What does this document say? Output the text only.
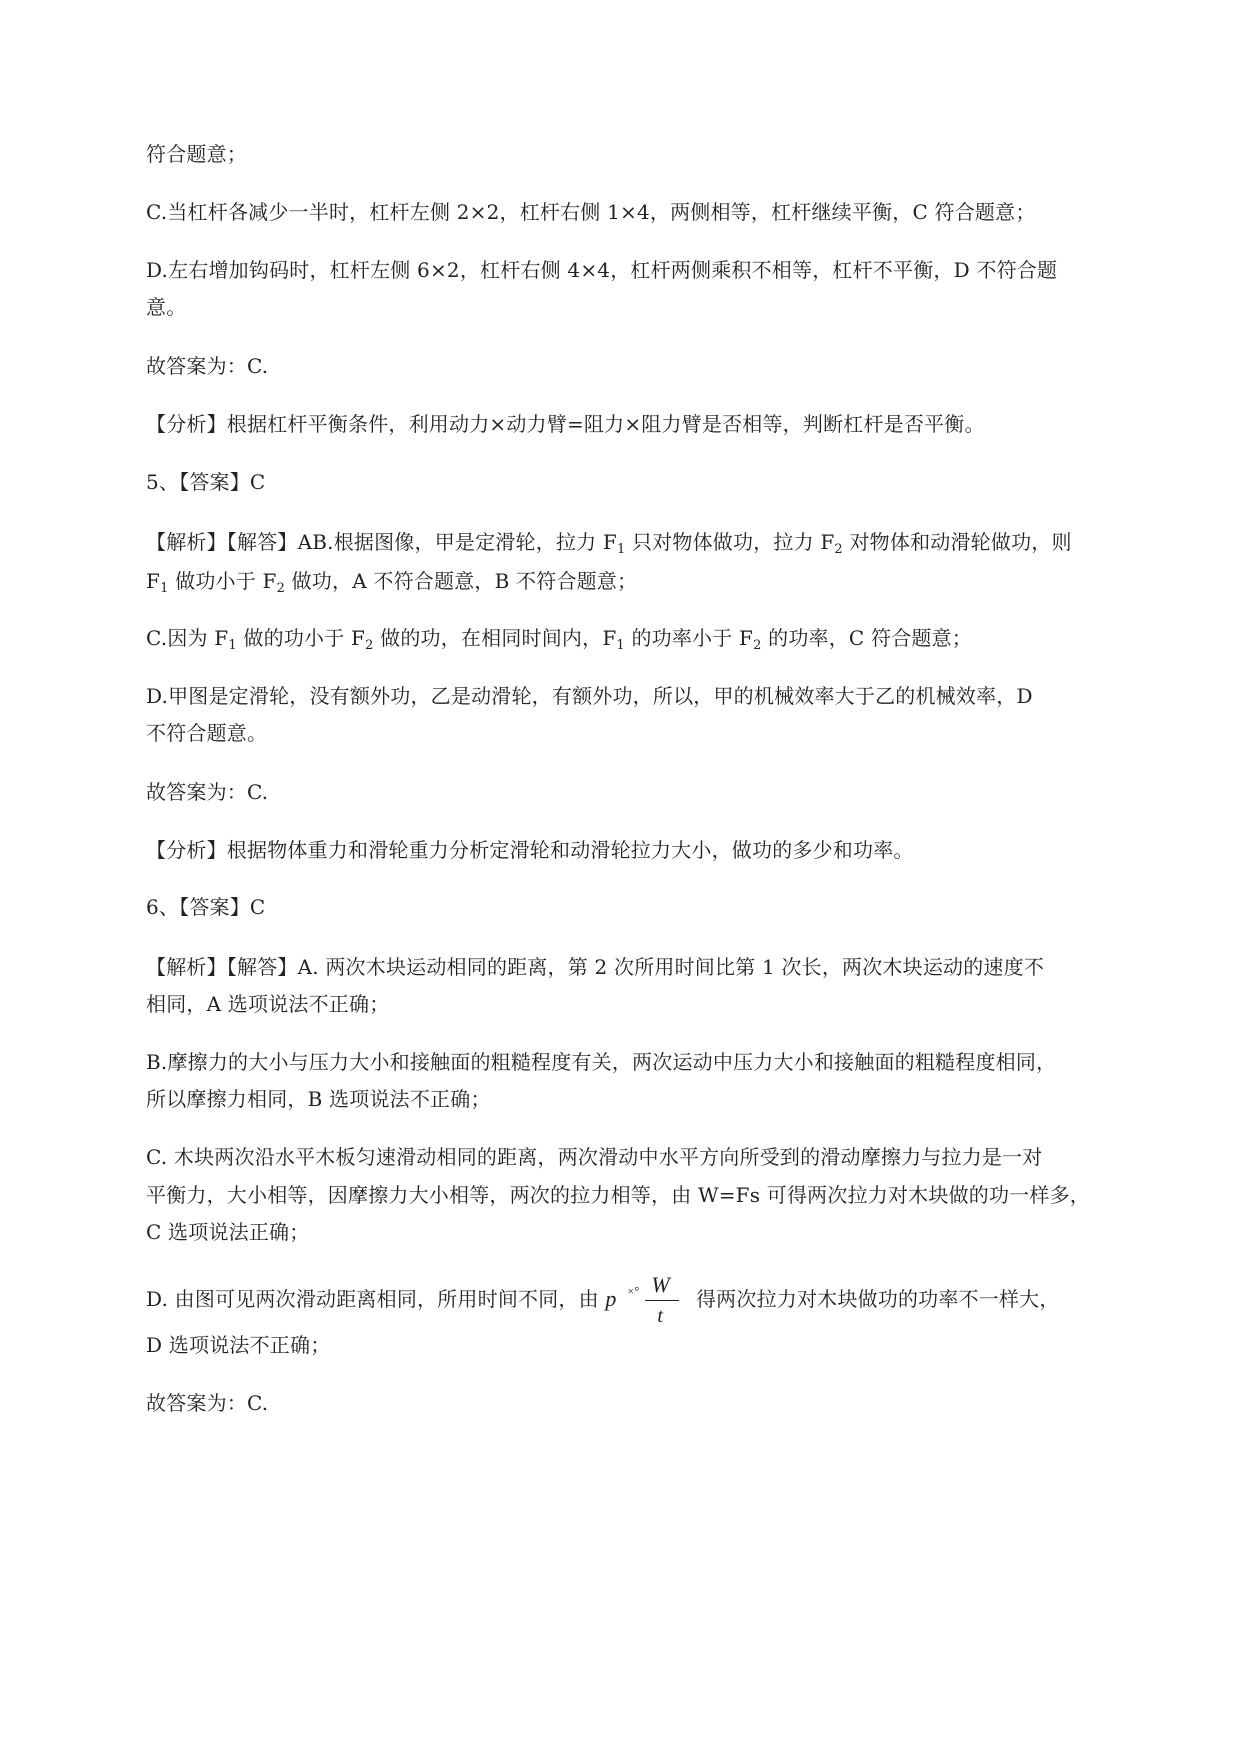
符合题意；
C.当杠杆各减少一半时，杠杆左侧 2×2，杠杆右侧 1×4，两侧相等，杠杆继续平衡，C 符合题意；
D.左右增加钩码时，杠杆左侧 6×2，杠杆右侧 4×4，杠杆两侧乘积不相等，杠杆不平衡，D 不符合题
意。
故答案为：C.
【分析】根据杠杆平衡条件，利用动力×动力臂=阻力×阻力臂是否相等，判断杠杆是否平衡。
5、【答案】C
【解析】【解答】AB.根据图像，甲是定滑轮，拉力 $F_1$ 只对物体做功，拉力 $F_2$ 对物体和动滑轮做功，则
$F_1$ 做功小于 $F_2$ 做功，A 不符合题意，B 不符合题意；
C.因为 $F_1$ 做的功小于 $F_2$ 做的功，在相同时间内，$F_1$ 的功率小于 $F_2$ 的功率，C 符合题意；
D.甲图是定滑轮，没有额外功，乙是动滑轮，有额外功，所以，甲的机械效率大于乙的机械效率，D
不符合题意。
故答案为：C.
【分析】根据物体重力和滑轮重力分析定滑轮和动滑轮拉力大小，做功的多少和功率。
6、【答案】C
【解析】【解答】A. 两次木块运动相同的距离，第 2 次所用时间比第 1 次长，两次木块运动的速度不
相同，A 选项说法不正确；
B.摩擦力的大小与压力大小和接触面的粗糙程度有关，两次运动中压力大小和接触面的粗糙程度相同，
所以摩擦力相同，B 选项说法不正确；
C. 木块两次沿水平木板匀速滑动相同的距离，两次滑动中水平方向所受到的滑动摩擦力与拉力是一对
平衡力，大小相等，因摩擦力大小相等，两次的拉力相等，由 W=Fs 可得两次拉力对木块做的功一样多，
C 选项说法正确；
D. 由图可见两次滑动距离相同，所用时间不同，由 p ×° W
t
得两次拉力对木块做功的功率不一样大，
D 选项说法不正确；
故答案为：C.
